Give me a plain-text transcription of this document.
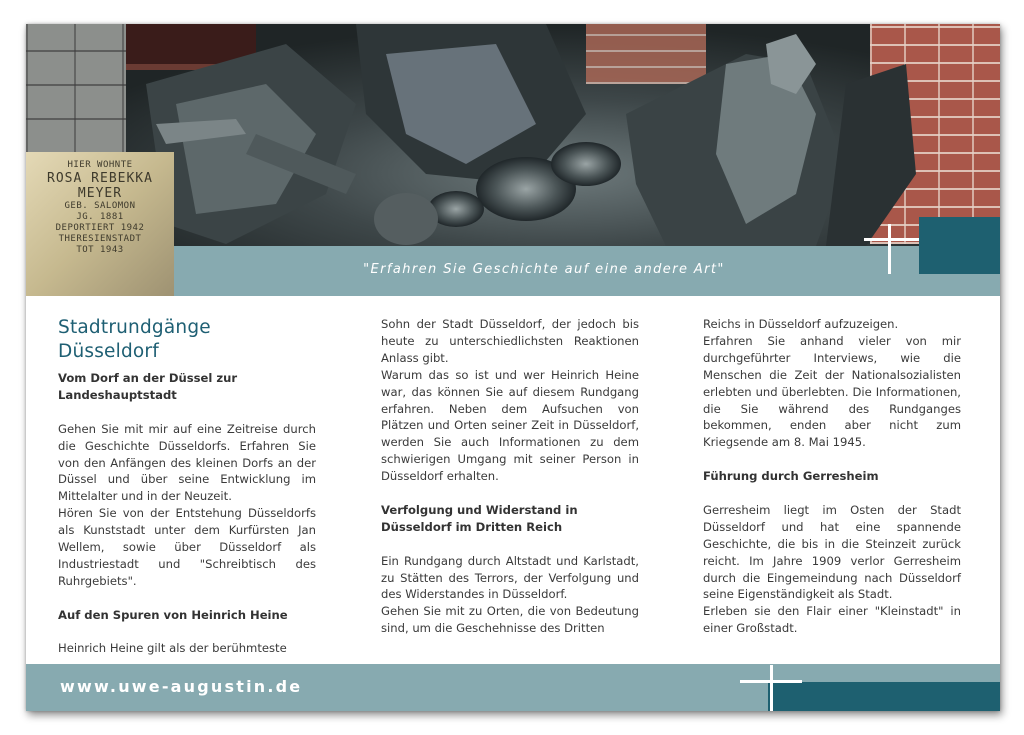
HIER WOHNTE
ROSA REBEKKA
MEYER
GEB. SALOMON
JG. 1881
DEPORTIERT 1942
THERESIENSTADT
TOT 1943
"Erfahren Sie Geschichte auf eine andere Art"
Stadtrundgänge Düsseldorf
Vom Dorf an der Düssel zur Landeshauptstadt

Gehen Sie mit mir auf eine Zeitreise durch die Geschichte Düsseldorfs. Erfahren Sie von den Anfängen des kleinen Dorfs an der Düssel und über seine Entwicklung im Mittelalter und in der Neuzeit.

Hören Sie von der Entstehung Düsseldorfs als Kunststadt unter dem Kurfürsten Jan Wellem, sowie über Düsseldorf als Industriestadt und "Schreibtisch des Ruhrgebiets".

Auf den Spuren von Heinrich Heine

Heinrich Heine gilt als der berühmteste

Sohn der Stadt Düsseldorf, der jedoch bis heute zu unterschiedlichsten Reaktionen Anlass gibt.

Warum das so ist und wer Heinrich Heine war, das können Sie auf diesem Rundgang erfahren. Neben dem Aufsuchen von Plätzen und Orten seiner Zeit in Düsseldorf, werden Sie auch Informationen zu dem schwierigen Umgang mit seiner Person in Düsseldorf erhalten.

Verfolgung und Widerstand in Düsseldorf im Dritten Reich

Ein Rundgang durch Altstadt und Karlstadt, zu Stätten des Terrors, der Verfolgung und des Widerstandes in Düsseldorf.

Gehen Sie mit zu Orten, die von Bedeutung sind, um die Geschehnisse des Dritten

Reichs in Düsseldorf aufzuzeigen.

Erfahren Sie anhand vieler von mir durchgeführter Interviews, wie die Menschen die Zeit der Nationalsozialisten erlebten und überlebten. Die Informationen, die Sie während des Rundganges bekommen, enden aber nicht zum Kriegsende am 8. Mai 1945.

Führung durch Gerresheim

Gerresheim liegt im Osten der Stadt Düsseldorf und hat eine spannende Geschichte, die bis in die Steinzeit zurück reicht. Im Jahre 1909 verlor Gerresheim durch die Eingemeindung nach Düsseldorf seine Eigenständigkeit als Stadt.

Erleben sie den Flair einer "Kleinstadt" in einer Großstadt.

www.uwe-augustin.de
